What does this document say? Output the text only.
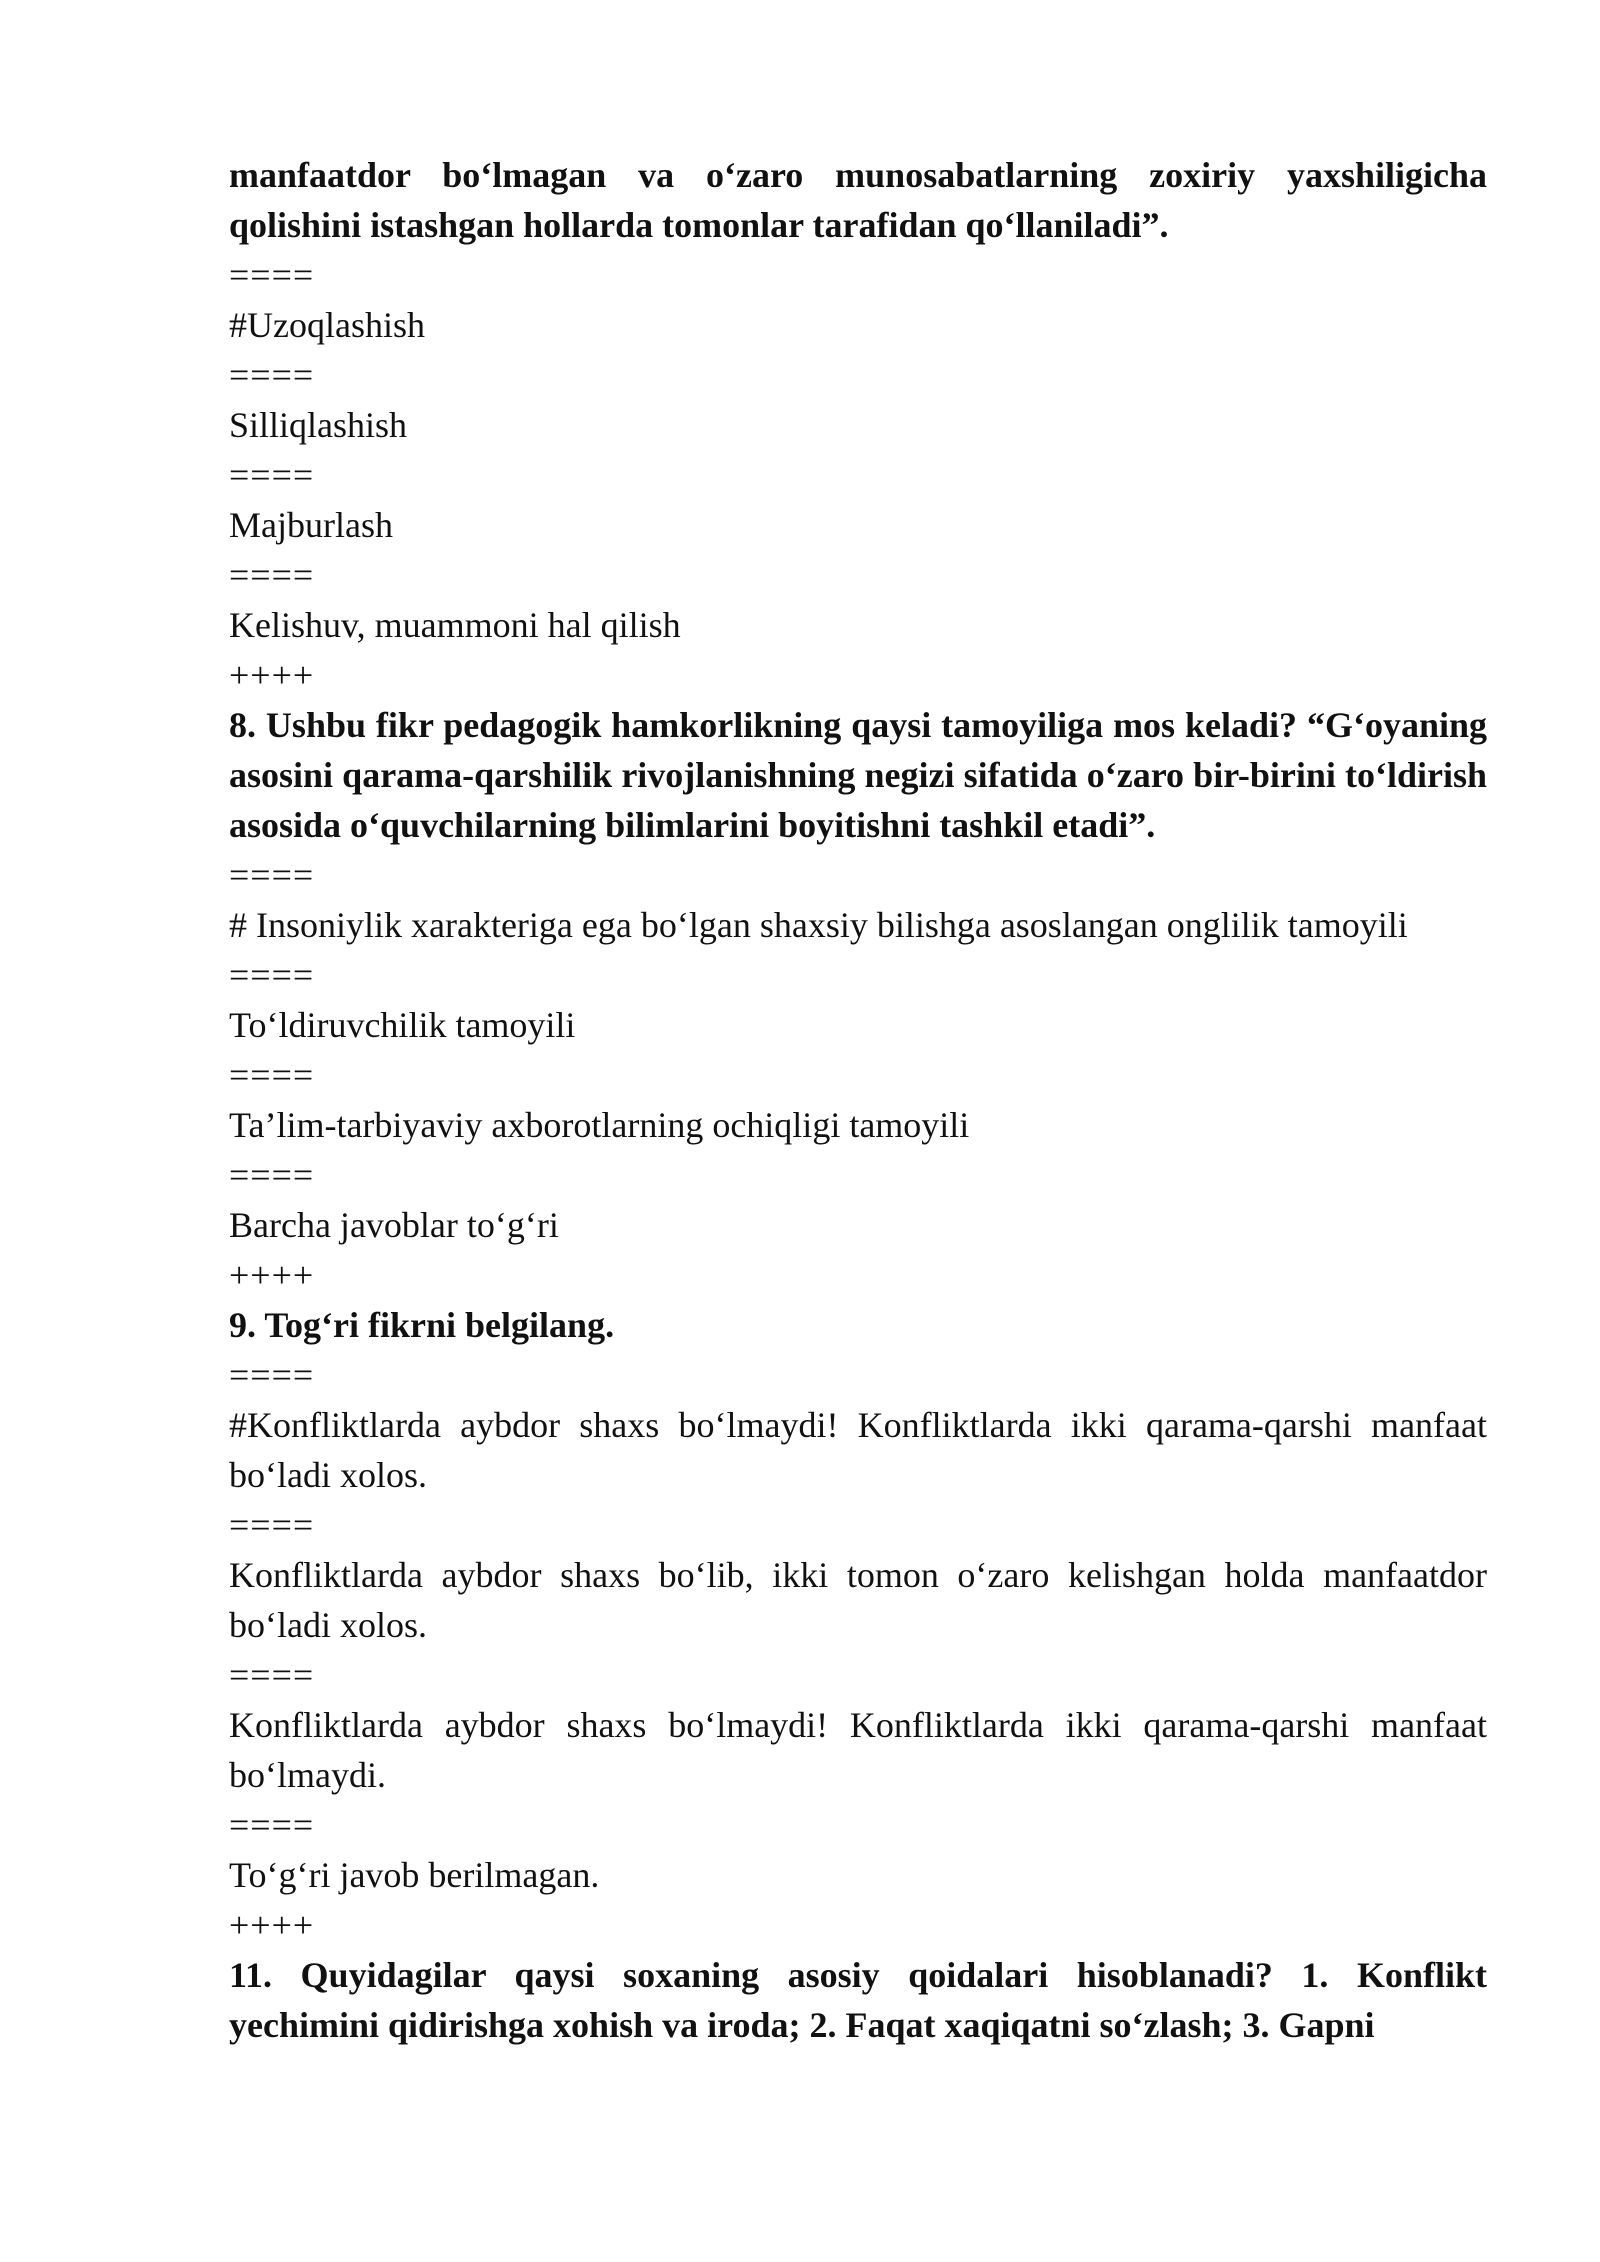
manfaatdor bo‘lmagan va o‘zaro munosabatlarning zoxiriy yaxshiligicha qolishini istashgan hollarda tomonlar tarafidan qo‘llaniladi”.

====

#Uzoqlashish

====

Silliqlashish

====

Majburlash

====

Kelishuv, muammoni hal qilish

++++

8. Ushbu fikr pedagogik hamkorlikning qaysi tamoyiliga mos keladi? “G‘oyaning asosini qarama-qarshilik rivojlanishning negizi sifatida o‘zaro bir-birini to‘ldirish asosida o‘quvchilarning bilimlarini boyitishni tashkil etadi”.

====

# Insoniylik xarakteriga ega bo‘lgan shaxsiy bilishga asoslangan onglilik tamoyili

====

To‘ldiruvchilik tamoyili

====

Ta’lim-tarbiyaviy axborotlarning ochiqligi tamoyili

====

Barcha javoblar to‘g‘ri

++++

9. Tog‘ri fikrni belgilang.

====

#Konfliktlarda aybdor shaxs bo‘lmaydi! Konfliktlarda ikki qarama-qarshi manfaat bo‘ladi xolos.

====

Konfliktlarda aybdor shaxs bo‘lib, ikki tomon o‘zaro kelishgan holda manfaatdor bo‘ladi xolos.

====

Konfliktlarda aybdor shaxs bo‘lmaydi! Konfliktlarda ikki qarama-qarshi manfaat bo‘lmaydi.

====

To‘g‘ri javob berilmagan.

++++

11. Quyidagilar qaysi soxaning asosiy qoidalari hisoblanadi? 1. Konflikt yechimini qidirishga xohish va iroda; 2. Faqat xaqiqatni so‘zlash; 3. Gapni
